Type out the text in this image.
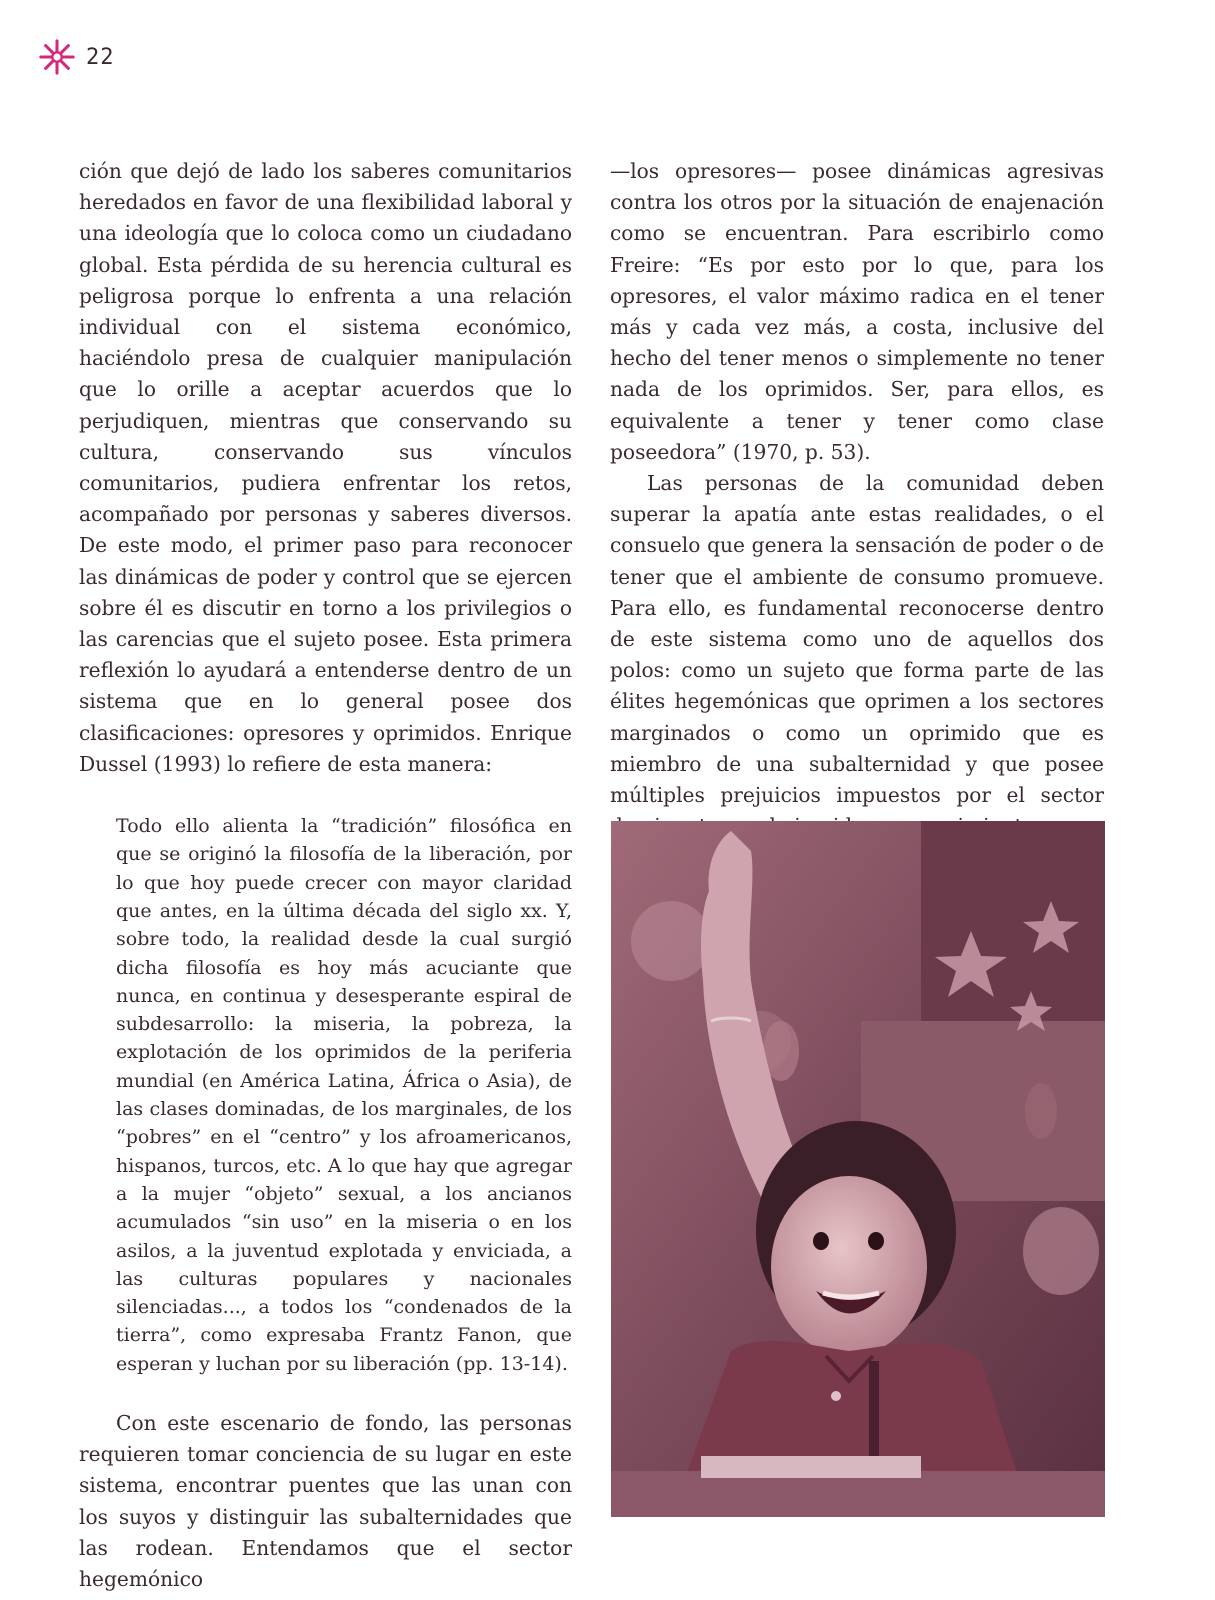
22

ción que dejó de lado los saberes comunitarios heredados en favor de una flexibilidad laboral y una ideología que lo coloca como un ciudadano global. Esta pérdida de su herencia cultural es peligrosa porque lo enfrenta a una relación individual con el sistema económico, haciéndolo presa de cualquier manipulación que lo orille a aceptar acuerdos que lo perjudiquen, mientras que conservando su cultura, conservando sus vínculos comunitarios, pudiera enfrentar los retos, acompañado por personas y saberes diversos. De este modo, el primer paso para reconocer las dinámicas de poder y control que se ejercen sobre él es discutir en torno a los privilegios o las carencias que el sujeto posee. Esta primera reflexión lo ayudará a entenderse dentro de un sistema que en lo general posee dos clasificaciones: opresores y oprimidos. Enrique Dussel (1993) lo refiere de esta manera:

Todo ello alienta la “tradición” filosófica en que se originó la filosofía de la liberación, por lo que hoy puede crecer con mayor claridad que antes, en la última década del siglo xx. Y, sobre todo, la realidad desde la cual surgió dicha filosofía es hoy más acuciante que nunca, en continua y desesperante espiral de subdesarrollo: la miseria, la pobreza, la explotación de los oprimidos de la periferia mundial (en América Latina, África o Asia), de las clases dominadas, de los marginales, de los “pobres” en el “centro” y los afroamericanos, hispanos, turcos, etc. A lo que hay que agregar a la mujer “objeto” sexual, a los ancianos acumulados “sin uso” en la miseria o en los asilos, a la juventud explotada y enviciada, a las culturas populares y nacionales silenciadas..., a todos los “condenados de la tierra”, como expresaba Frantz Fanon, que esperan y luchan por su liberación (pp. 13-14).

Con este escenario de fondo, las personas requieren tomar conciencia de su lugar en este sistema, encontrar puentes que las unan con los suyos y distinguir las subalternidades que las rodean. Entendamos que el sector hegemónico

—los opresores— posee dinámicas agresivas contra los otros por la situación de enajenación como se encuentran. Para escribirlo como Freire: “Es por esto por lo que, para los opresores, el valor máximo radica en el tener más y cada vez más, a costa, inclusive del hecho del tener menos o simplemente no tener nada de los oprimidos. Ser, para ellos, es equivalente a tener y tener como clase poseedora” (1970, p. 53).

Las personas de la comunidad deben superar la apatía ante estas realidades, o el consuelo que genera la sensación de poder o de tener que el ambiente de consumo promueve. Para ello, es fundamental reconocerse dentro de este sistema como uno de aquellos dos polos: como un sujeto que forma parte de las élites hegemónicas que oprimen a los sectores marginados o como un oprimido que es miembro de una subalternidad y que posee múltiples prejuicios impuestos por el sector
